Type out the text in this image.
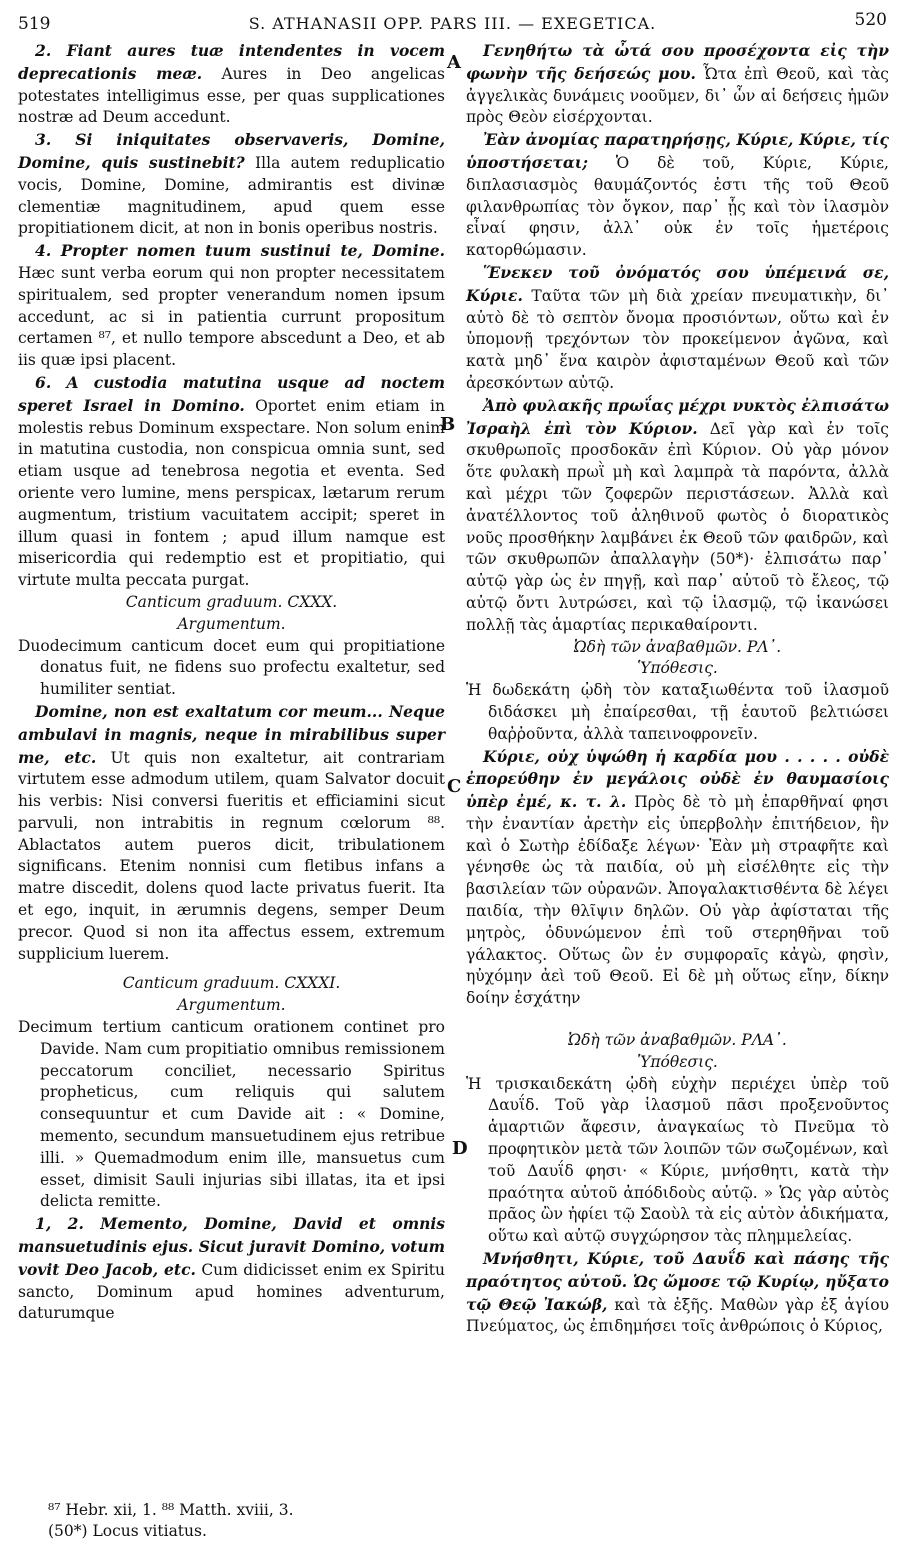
519	S. ATHANASII OPP. PARS III. — EXEGETICA.	520
A
B
C
D

2. Fiant aures tuæ intendentes in vocem deprecationis meæ. Aures in Deo angelicas potestates intelligimus esse, per quas supplicationes nostræ ad Deum accedunt.

3. Si iniquitates observaveris, Domine, Domine, quis sustinebit? Illa autem reduplicatio vocis, Domine, Domine, admirantis est divinæ clementiæ magnitudinem, apud quem esse propitiationem dicit, at non in bonis operibus nostris.

4. Propter nomen tuum sustinui te, Domine. Hæc sunt verba eorum qui non propter necessitatem spiritualem, sed propter venerandum nomen ipsum accedunt, ac si in patientia currunt propositum certamen ⁸⁷, et nullo tempore abscedunt a Deo, et ab iis quæ ipsi placent.

6. A custodia matutina usque ad noctem speret Israel in Domino. Oportet enim etiam in molestis rebus Dominum exspectare. Non solum enim in matutina custodia, non conspicua omnia sunt, sed etiam usque ad tenebrosa negotia et eventa. Sed oriente vero lumine, mens perspicax, lætarum rerum augmentum, tristium vacuitatem accipit; speret in illum quasi in fontem ; apud illum namque est misericordia qui redemptio est et propitiatio, qui virtute multa peccata purgat.

Canticum graduum. CXXX.

Argumentum.

Duodecimum canticum docet eum qui propitiatione donatus fuit, ne fidens suo profectu exaltetur, sed humiliter sentiat.

Domine, non est exaltatum cor meum... Neque ambulavi in magnis, neque in mirabilibus super me, etc. Ut quis non exaltetur, ait contrariam virtutem esse admodum utilem, quam Salvator docuit his verbis: Nisi conversi fueritis et efficiamini sicut parvuli, non intrabitis in regnum cœlorum ⁸⁸. Ablactatos autem pueros dicit, tribulationem significans. Etenim nonnisi cum fletibus infans a matre discedit, dolens quod lacte privatus fuerit. Ita et ego, inquit, in ærumnis degens, semper Deum precor. Quod si non ita affectus essem, extremum supplicium luerem.

Canticum graduum. CXXXI.

Argumentum.

Decimum tertium canticum orationem continet pro Davide. Nam cum propitiatio omnibus remissionem peccatorum conciliet, necessario Spiritus propheticus, cum reliquis qui salutem consequuntur et cum Davide ait : « Domine, memento, secundum mansuetudinem ejus retribue illi. » Quemadmodum enim ille, mansuetus cum esset, dimisit Sauli injurias sibi illatas, ita et ipsi delicta remitte.

1, 2. Memento, Domine, David et omnis mansuetudinis ejus. Sicut juravit Domino, votum vovit Deo Jacob, etc. Cum didicisset enim ex Spiritu sancto, Dominum apud homines adventurum, daturumque

Γενηθήτω τὰ ὦτά σου προσέχοντα εἰς τὴν φωνὴν τῆς δεήσεώς μου. Ὦτα ἐπὶ Θεοῦ, καὶ τὰς ἀγγελικὰς δυνάμεις νοοῦμεν, δι᾽ ὧν αἱ δεήσεις ἡμῶν πρὸς Θεὸν εἰσέρχονται.

Ἐὰν ἀνομίας παρατηρήσῃς, Κύριε, Κύριε, τίς ὑποστήσεται; Ὁ δὲ τοῦ, Κύριε, Κύριε, διπλασιασμὸς θαυμάζοντός ἐστι τῆς τοῦ Θεοῦ φιλανθρωπίας τὸν ὄγκον, παρ᾽ ᾗς καὶ τὸν ἱλασμὸν εἶναί φησιν, ἀλλ᾽ οὐκ ἐν τοῖς ἡμετέροις κατορθώμασιν.

Ἕνεκεν τοῦ ὀνόματός σου ὑπέμεινά σε, Κύριε. Ταῦτα τῶν μὴ διὰ χρείαν πνευματικὴν, δι᾽ αὐτὸ δὲ τὸ σεπτὸν ὄνομα προσιόντων, οὕτω καὶ ἐν ὑπομονῇ τρεχόντων τὸν προκείμενον ἀγῶνα, καὶ κατὰ μηδ᾽ ἕνα καιρὸν ἀφισταμένων Θεοῦ καὶ τῶν ἀρεσκόντων αὐτῷ.

Ἀπὸ φυλακῆς πρωΐας μέχρι νυκτὸς ἐλπισάτω Ἰσραὴλ ἐπὶ τὸν Κύριον. Δεῖ γὰρ καὶ ἐν τοῖς σκυθρωποῖς προσδοκᾶν ἐπὶ Κύριον. Οὐ γὰρ μόνον ὅτε φυλακὴ πρωῒ μὴ καὶ λαμπρὰ τὰ παρόντα, ἀλλὰ καὶ μέχρι τῶν ζοφερῶν περιστάσεων. Ἀλλὰ καὶ ἀνατέλλοντος τοῦ ἀληθινοῦ φωτὸς ὁ διορατικὸς νοῦς προσθήκην λαμβάνει ἐκ Θεοῦ τῶν φαιδρῶν, καὶ τῶν σκυθρωπῶν ἀπαλλαγὴν (50*)· ἐλπισάτω παρ᾽ αὐτῷ γὰρ ὡς ἐν πηγῇ, καὶ παρ᾽ αὐτοῦ τὸ ἔλεος, τῷ αὐτῷ ὄντι λυτρώσει, καὶ τῷ ἱλασμῷ, τῷ ἱκανώσει πολλῇ τὰς ἁμαρτίας περικαθαίροντι.

Ὠδὴ τῶν ἀναβαθμῶν. ΡΛ᾽.

Ὑπόθεσις.

Ἡ δωδεκάτη ᾠδὴ τὸν καταξιωθέντα τοῦ ἱλασμοῦ διδάσκει μὴ ἐπαίρεσθαι, τῇ ἑαυτοῦ βελτιώσει θαῤῥοῦντα, ἀλλὰ ταπεινοφρονεῖν.

Κύριε, οὐχ ὑψώθη ἡ καρδία μου . . . . . οὐδὲ ἐπορεύθην ἐν μεγάλοις οὐδὲ ἐν θαυμασίοις ὑπὲρ ἐμέ, κ. τ. λ. Πρὸς δὲ τὸ μὴ ἐπαρθῆναί φησι τὴν ἐναντίαν ἀρετὴν εἰς ὑπερβολὴν ἐπιτήδειον, ἣν καὶ ὁ Σωτὴρ ἐδίδαξε λέγων· Ἐὰν μὴ στραφῆτε καὶ γένησθε ὡς τὰ παιδία, οὐ μὴ εἰσέλθητε εἰς τὴν βασιλείαν τῶν οὐρανῶν. Ἀπογαλακτισθέντα δὲ λέγει παιδία, τὴν θλῖψιν δηλῶν. Οὐ γὰρ ἀφίσταται τῆς μητρὸς, ὀδυνώμενον ἐπὶ τοῦ στερηθῆναι τοῦ γάλακτος. Οὕτως ὢν ἐν συμφοραῖς κἀγὼ, φησὶν, ηὐχόμην ἀεὶ τοῦ Θεοῦ. Εἰ δὲ μὴ οὕτως εἴην, δίκην δοίην ἐσχάτην

Ὠδὴ τῶν ἀναβαθμῶν. ΡΛΑ᾽.

Ὑπόθεσις.

Ἡ τρισκαιδεκάτη ᾠδὴ εὐχὴν περιέχει ὑπὲρ τοῦ Δαυΐδ. Τοῦ γὰρ ἱλασμοῦ πᾶσι προξενοῦντος ἁμαρτιῶν ἄφεσιν, ἀναγκαίως τὸ Πνεῦμα τὸ προφητικὸν μετὰ τῶν λοιπῶν τῶν σωζομένων, καὶ τοῦ Δαυΐδ φησι· « Κύριε, μνήσθητι, κατὰ τὴν πραότητα αὐτοῦ ἀπόδιδοὺς αὐτῷ. » Ὡς γὰρ αὐτὸς πρᾶος ὢν ἠφίει τῷ Σαοὺλ τὰ εἰς αὐτὸν ἀδικήματα, οὕτω καὶ αὐτῷ συγχώρησον τὰς πλημμελείας.

Μνήσθητι, Κύριε, τοῦ Δαυΐδ καὶ πάσης τῆς πραότητος αὐτοῦ. Ὡς ὤμοσε τῷ Κυρίῳ, ηὔξατο τῷ Θεῷ Ἰακώβ, καὶ τὰ ἑξῆς. Μαθὼν γὰρ ἐξ ἁγίου Πνεύματος, ὡς ἐπιδημήσει τοῖς ἀνθρώποις ὁ Κύριος,

⁸⁷ Hebr. xii, 1. ⁸⁸ Matth. xviii, 3.
(50*) Locus vitiatus.
